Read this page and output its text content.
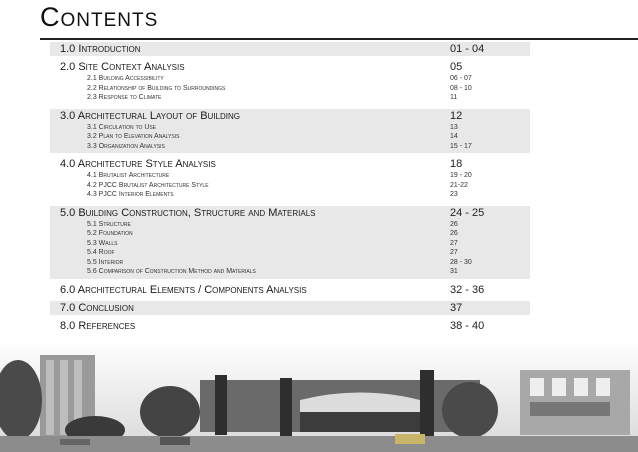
Contents
1.0 Introduction	01 - 04
2.0 Site Context Analysis	05
2.1 Building Accessibility	06 - 07
2.2 Relationship of Building to Surroundings	08 - 10
2.3 Response to Climate	11
3.0 Architectural Layout of Building	12
3.1 Circulation to Use	13
3.2 Plan to Elevation Analysis	14
3.3 Organization Analysis	15 - 17
4.0 Architecture Style Analysis	18
4.1 Brutalist Architecture	19 - 20
4.2 PJCC Brutalist Architecture Style	21-22
4.3 PJCC Interior Elements	23
5.0 Building Construction, Structure and Materials	24 - 25
5.1 Structure	26
5.2 Foundation	26
5.3 Walls	27
5.4 Roof	27
5.5 Interior	28 - 30
5.6 Comparison of Construction Method and Materials	31
6.0 Architectural Elements / Components Analysis	32 - 36
7.0 Conclusion	37
8.0 References	38 - 40
